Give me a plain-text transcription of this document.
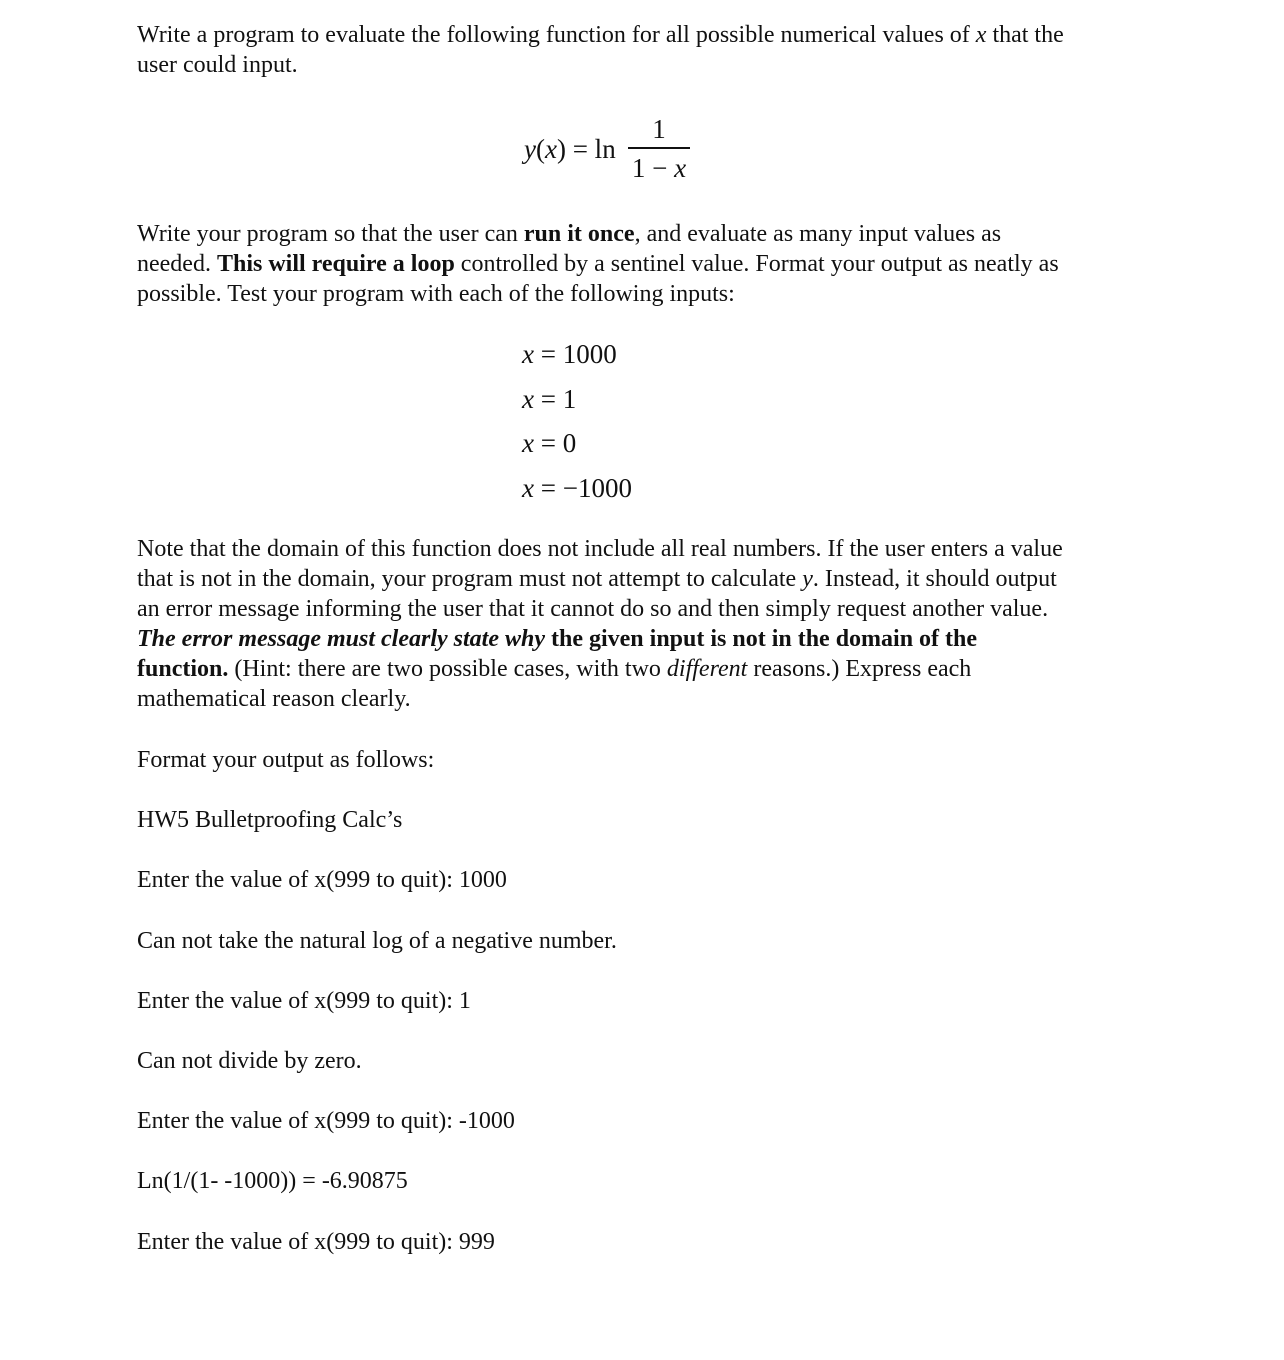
Write a program to evaluate the following function for all possible numerical values of x that the
user could input.
y(x) = ln
1
1 − x
Write your program so that the user can run it once, and evaluate as many input values as
needed. This will require a loop controlled by a sentinel value. Format your output as neatly as
possible. Test your program with each of the following inputs:
x = 1000
x = 1
x = 0
x = −1000
Note that the domain of this function does not include all real numbers. If the user enters a value
that is not in the domain, your program must not attempt to calculate y. Instead, it should output
an error message informing the user that it cannot do so and then simply request another value.
The error message must clearly state why the given input is not in the domain of the
function. (Hint: there are two possible cases, with two different reasons.) Express each
mathematical reason clearly.
Format your output as follows:
HW5 Bulletproofing Calc’s
Enter the value of x(999 to quit): 1000
Can not take the natural log of a negative number.
Enter the value of x(999 to quit): 1
Can not divide by zero.
Enter the value of x(999 to quit): -1000
Ln(1/(1- -1000)) = -6.90875
Enter the value of x(999 to quit): 999
